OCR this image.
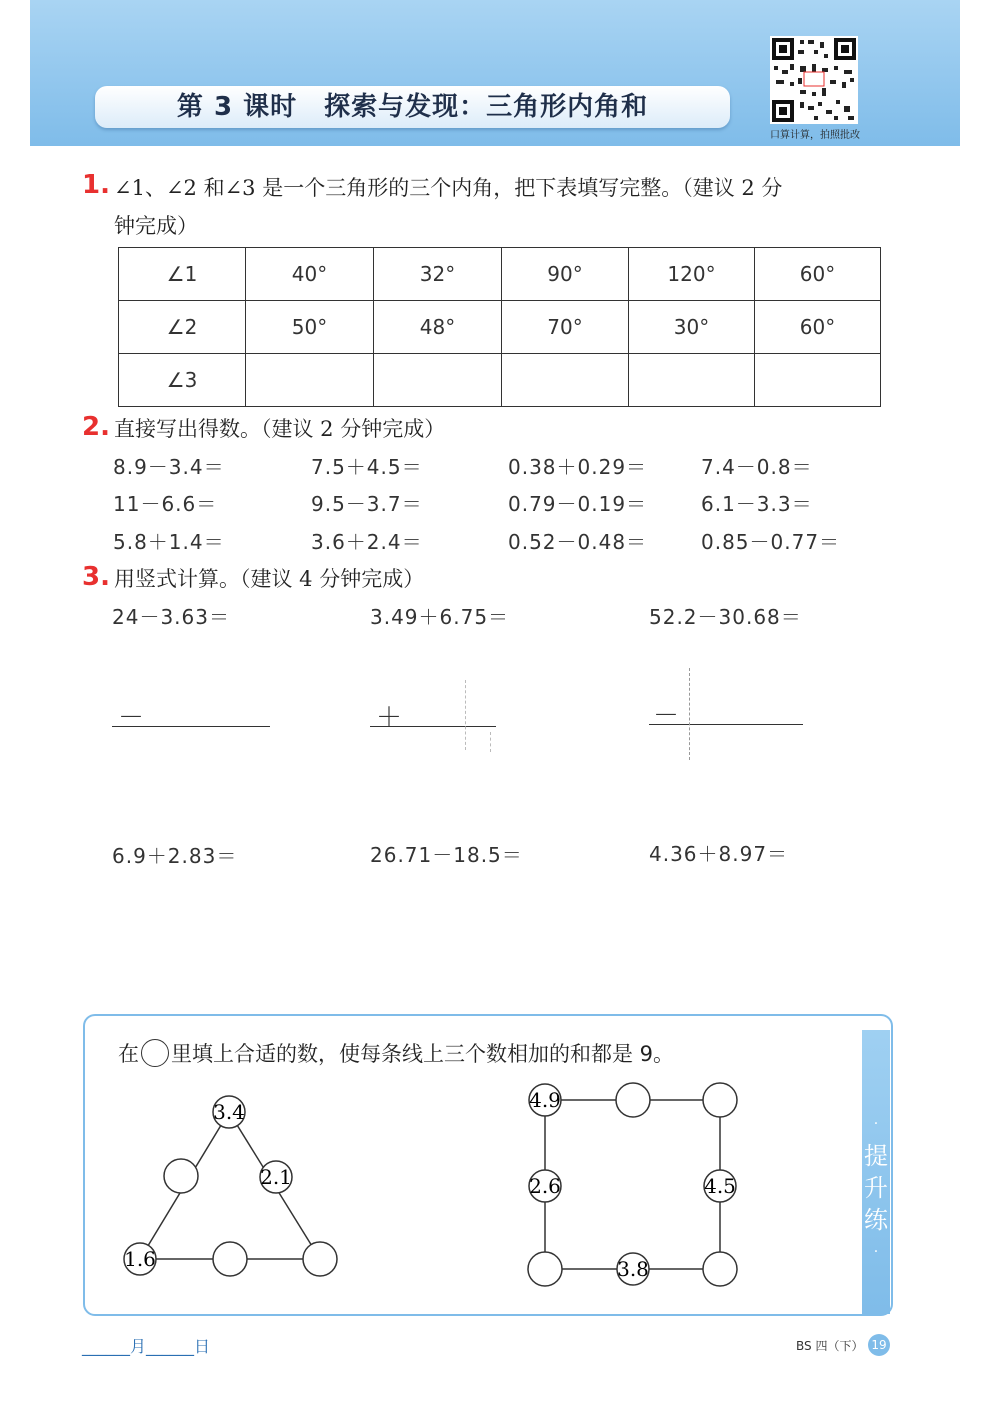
第 3 课时　探索与发现：三角形内角和
口算计算，拍照批改
1. ∠1、∠2 和∠3 是一个三角形的三个内角，把下表填写完整。（建议 2 分
钟完成）
∠1	40°	32°	90°	120°	60°
∠2	50°	48°	70°	30°	60°
∠3					
2. 直接写出得数。（建议 2 分钟完成）
8.9－3.4＝	7.5＋4.5＝	0.38＋0.29＝	7.4－0.8＝
11－6.6＝	9.5－3.7＝	0.79－0.19＝	6.1－3.3＝
5.8＋1.4＝	3.6＋2.4＝	0.52－0.48＝	0.85－0.77＝
3. 用竖式计算。（建议 4 分钟完成）
24－3.63＝	3.49＋6.75＝	52.2－30.68＝
－	＋	－
6.9＋2.83＝	26.71－18.5＝	4.36＋8.97＝
·
提
升
练
·
在 里填上合适的数，使每条线上三个数相加的和都是 9。
3.4
2.1
1.6
4.9
2.6	4.5
3.8
______月______日	BS 四（下） 19
